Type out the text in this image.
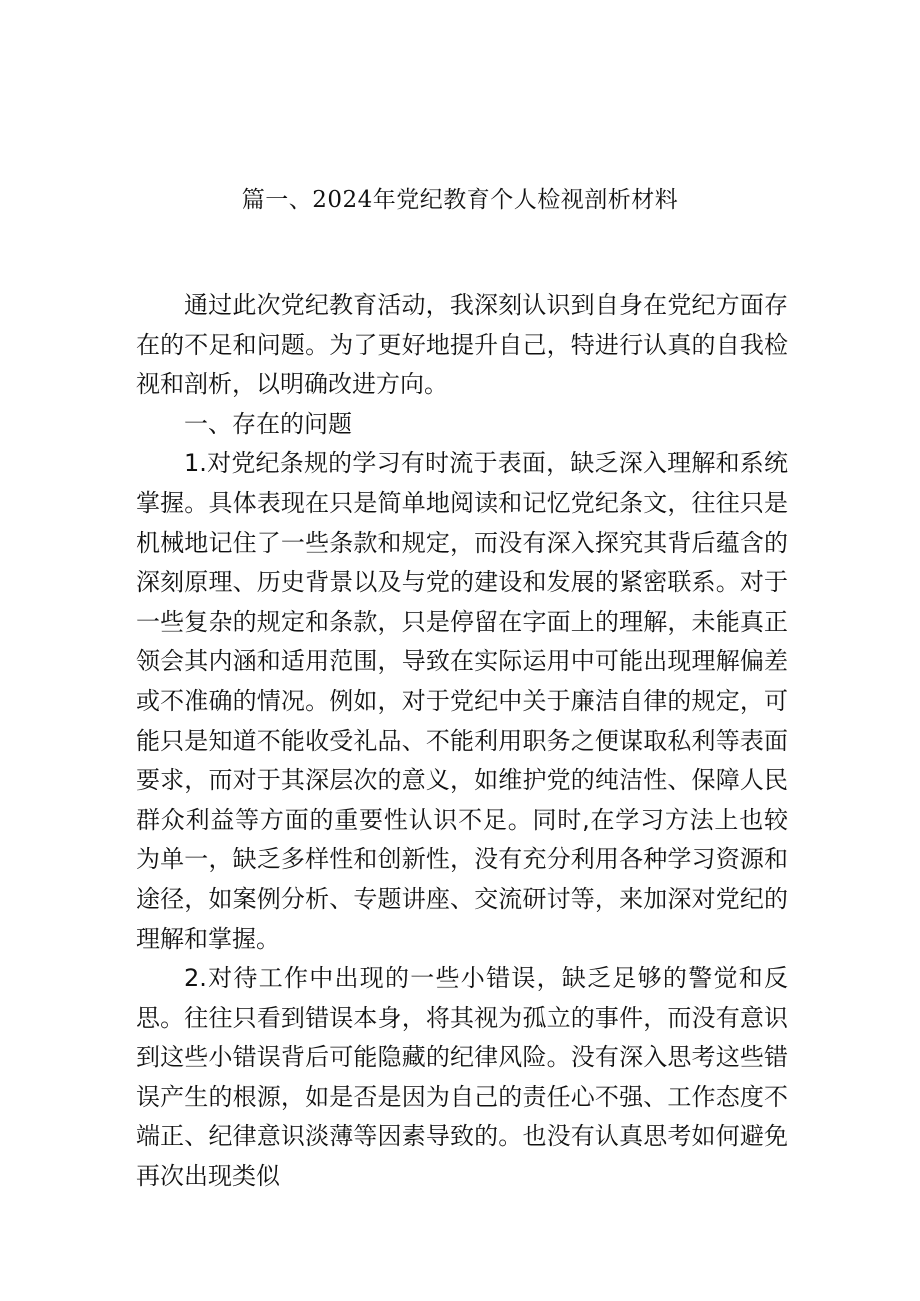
篇一、2024年党纪教育个人检视剖析材料

通过此次党纪教育活动，我深刻认识到自身在党纪方面存在的不足和问题。为了更好地提升自己，特进行认真的自我检视和剖析，以明确改进方向。

一、存在的问题

1.对党纪条规的学习有时流于表面，缺乏深入理解和系统掌握。具体表现在只是简单地阅读和记忆党纪条文，往往只是机械地记住了一些条款和规定，而没有深入探究其背后蕴含的深刻原理、历史背景以及与党的建设和发展的紧密联系。对于一些复杂的规定和条款，只是停留在字面上的理解，未能真正领会其内涵和适用范围，导致在实际运用中可能出现理解偏差或不准确的情况。例如，对于党纪中关于廉洁自律的规定，可能只是知道不能收受礼品、不能利用职务之便谋取私利等表面要求，而对于其深层次的意义，如维护党的纯洁性、保障人民群众利益等方面的重要性认识不足。同时,在学习方法上也较为单一，缺乏多样性和创新性，没有充分利用各种学习资源和途径，如案例分析、专题讲座、交流研讨等，来加深对党纪的理解和掌握。

2.对待工作中出现的一些小错误，缺乏足够的警觉和反思。往往只看到错误本身，将其视为孤立的事件，而没有意识到这些小错误背后可能隐藏的纪律风险。没有深入思考这些错误产生的根源，如是否是因为自己的责任心不强、工作态度不端正、纪律意识淡薄等因素导致的。也没有认真思考如何避免再次出现类似
